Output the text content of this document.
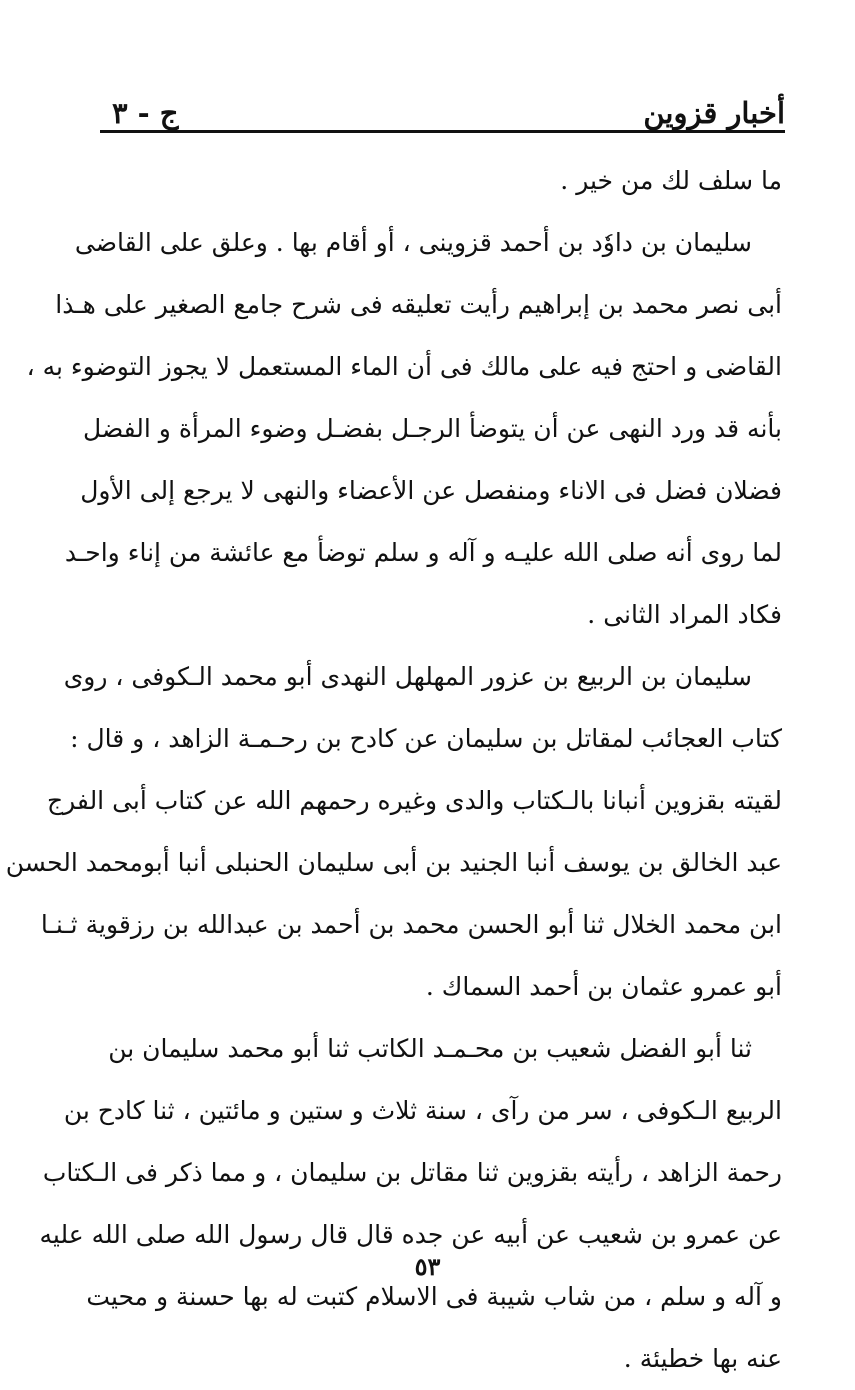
أخبار قزوين
ج - ٣
ما سلف لك من خير .
سليمان بن داوٗد بن أحمد قزوينى ، أو أقام بها . وعلق على القاضى
أبى نصر محمد بن إبراهيم رأيت تعليقه فى شرح جامع الصغير على هـذا
القاضى و احتج فيه على مالك فى أن الماء المستعمل لا يجوز التوضوء به ،
بأنه قد ورد النهى عن أن يتوضأ الرجـل بفضـل وضوء المرأة و الفضل
فضلان فضل فى الاناء ومنفصل عن الأعضاء والنهى لا يرجع إلى الأول
لما روى أنه صلى الله عليـه و آله و سلم توضأ مع عائشة من إناء واحـد
فكاد المراد الثانى .
سليمان بن الربيع بن عزور المهلهل النهدى أبو محمد الـكوفى ، روى
كتاب العجائب لمقاتل بن سليمان عن كادح بن رحـمـة الزاهد ، و قال :
لقيته بقزوين أنبانا بالـكتاب والدى وغيره رحمهم الله عن كتاب أبى الفرج
عبد الخالق بن يوسف أنبا الجنيد بن أبى سليمان الحنبلى أنبا أبومحمد الحسن
ابن محمد الخلال ثنا أبو الحسن محمد بن أحمد بن عبدالله بن رزقوية ثـنـا
أبو عمرو عثمان بن أحمد السماك .
ثنا أبو الفضل شعيب بن محـمـد الكاتب ثنا أبو محمد سليمان بن
الربيع الـكوفى ، سر من رآى ، سنة ثلاث و ستين و مائتين ، ثنا كادح بن
رحمة الزاهد ، رأيته بقزوين ثنا مقاتل بن سليمان ، و مما ذكر فى الـكتاب
عن عمرو بن شعيب عن أبيه عن جده قال قال رسول الله صلى الله عليه
و آله و سلم ، من شاب شيبة فى الاسلام كتبت له بها حسنة و محيت
عنه بها خطيئة .
٥٣
